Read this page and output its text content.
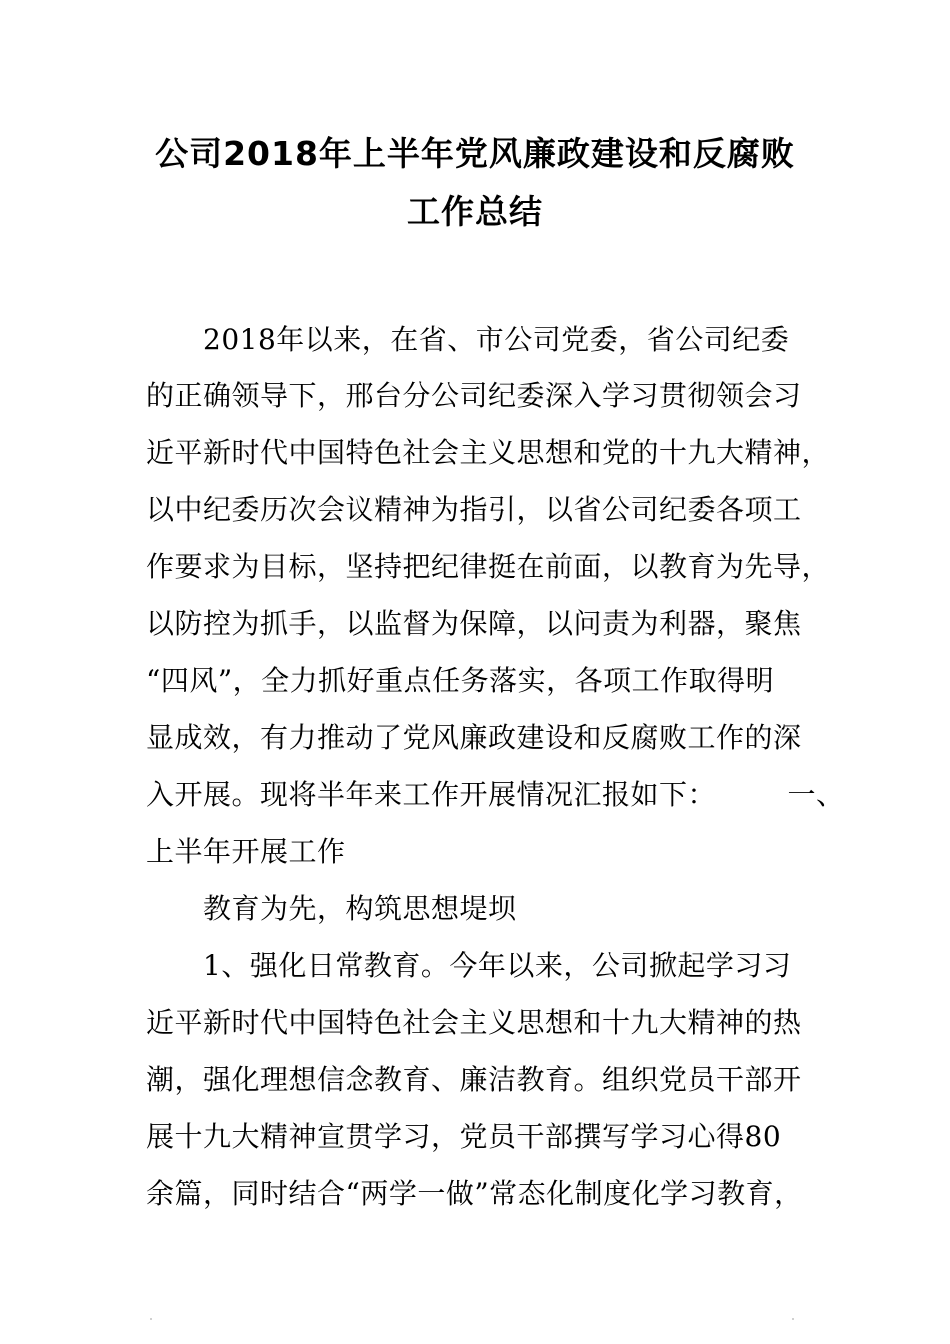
公司2018年上半年党风廉政建设和反腐败
工作总结
2018年以来，在省、市公司党委，省公司纪委
的正确领导下，邢台分公司纪委深入学习贯彻领会习
近平新时代中国特色社会主义思想和党的十九大精神，
以中纪委历次会议精神为指引，以省公司纪委各项工
作要求为目标，坚持把纪律挺在前面，以教育为先导，
以防控为抓手，以监督为保障，以问责为利器，聚焦
“四风”，全力抓好重点任务落实，各项工作取得明
显成效，有力推动了党风廉政建设和反腐败工作的深
入开展。现将半年来工作开展情况汇报如下：　　　一、
上半年开展工作
教育为先，构筑思想堤坝
1、强化日常教育。今年以来，公司掀起学习习
近平新时代中国特色社会主义思想和十九大精神的热
潮，强化理想信念教育、廉洁教育。组织党员干部开
展十九大精神宣贯学习，党员干部撰写学习心得80
余篇，同时结合“两学一做”常态化制度化学习教育，
